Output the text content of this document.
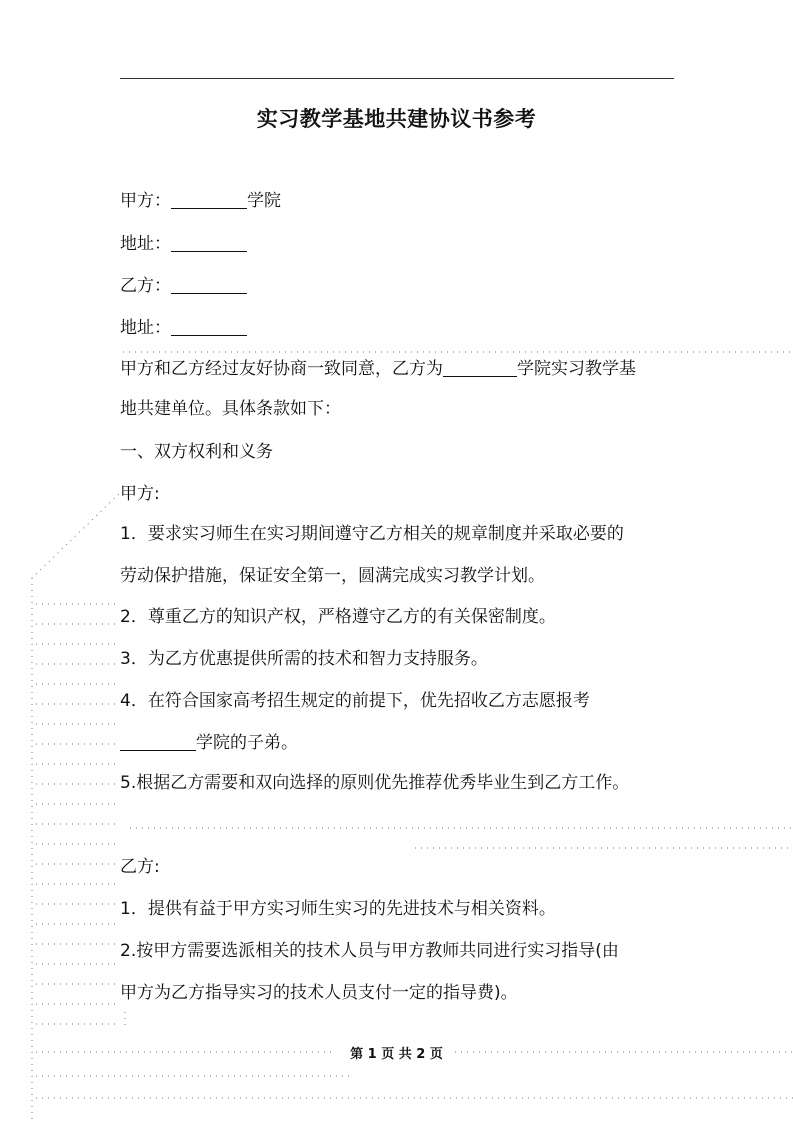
实习教学基地共建协议书参考
甲方：	学院
地址：
乙方：
地址：
甲方和乙方经过友好协商一致同意，乙方为	学院实习教学基
地共建单位。具体条款如下：
一、双方权利和义务
甲方:
1．要求实习师生在实习期间遵守乙方相关的规章制度并采取必要的
劳动保护措施，保证安全第一，圆满完成实习教学计划。
2．尊重乙方的知识产权，严格遵守乙方的有关保密制度。
3．为乙方优惠提供所需的技术和智力支持服务。
4．在符合国家高考招生规定的前提下，优先招收乙方志愿报考
学院的子弟。
5.根据乙方需要和双向选择的原则优先推荐优秀毕业生到乙方工作。
乙方:
1．提供有益于甲方实习师生实习的先进技术与相关资料。
2.按甲方需要选派相关的技术人员与甲方教师共同进行实习指导(由
甲方为乙方指导实习的技术人员支付一定的指导费)。
第 1 页 共 2 页
